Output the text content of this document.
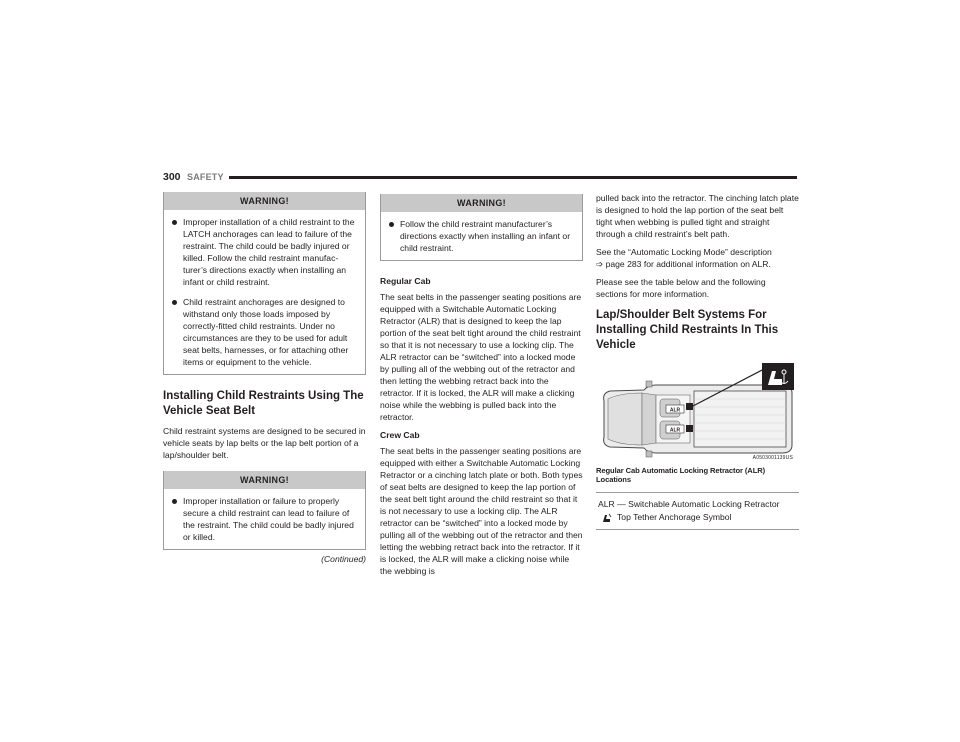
300 SAFETY
WARNING!
Improper installation of a child restraint to the LATCH anchorages can lead to failure of the restraint. The child could be badly injured or killed. Follow the child restraint manufac-turer’s directions exactly when installing an infant or child restraint.
Child restraint anchorages are designed to withstand only those loads imposed by correctly-fitted child restraints. Under no circumstances are they to be used for adult seat belts, harnesses, or for attaching other items or equipment to the vehicle.
Installing Child Restraints Using The Vehicle Seat Belt
Child restraint systems are designed to be secured in vehicle seats by lap belts or the lap belt portion of a lap/shoulder belt.
WARNING!
Improper installation or failure to properly secure a child restraint can lead to failure of the restraint. The child could be badly injured or killed.
(Continued)
WARNING!
Follow the child restraint manufacturer’s directions exactly when installing an infant or child restraint.
Regular Cab
The seat belts in the passenger seating positions are equipped with a Switchable Automatic Locking Retractor (ALR) that is designed to keep the lap portion of the seat belt tight around the child restraint so that it is not necessary to use a locking clip. The ALR retractor can be “switched” into a locked mode by pulling all of the webbing out of the retractor and then letting the webbing retract back into the retractor. If it is locked, the ALR will make a clicking noise while the webbing is pulled back into the retractor.
Crew Cab
The seat belts in the passenger seating positions are equipped with either a Switchable Automatic Locking Retractor or a cinching latch plate or both. Both types of seat belts are designed to keep the lap portion of the seat belt tight around the child restraint so that it is not necessary to use a locking clip. The ALR retractor can be “switched” into a locked mode by pulling all of the webbing out of the retractor and then letting the webbing retract back into the retractor. If it is locked, the ALR will make a clicking noise while the webbing is
pulled back into the retractor. The cinching latch plate is designed to hold the lap portion of the seat belt tight when webbing is pulled tight and straight through a child restraint’s belt path.
See the “Automatic Locking Mode” description
➩ page 283 for additional information on ALR.
Please see the table below and the following sections for more information.
Lap/Shoulder Belt Systems For Installing Child Restraints In This Vehicle
ALR
ALR
A0503001139US
Regular Cab Automatic Locking Retractor (ALR) Locations
ALR — Switchable Automatic Locking Retractor
Top Tether Anchorage Symbol
